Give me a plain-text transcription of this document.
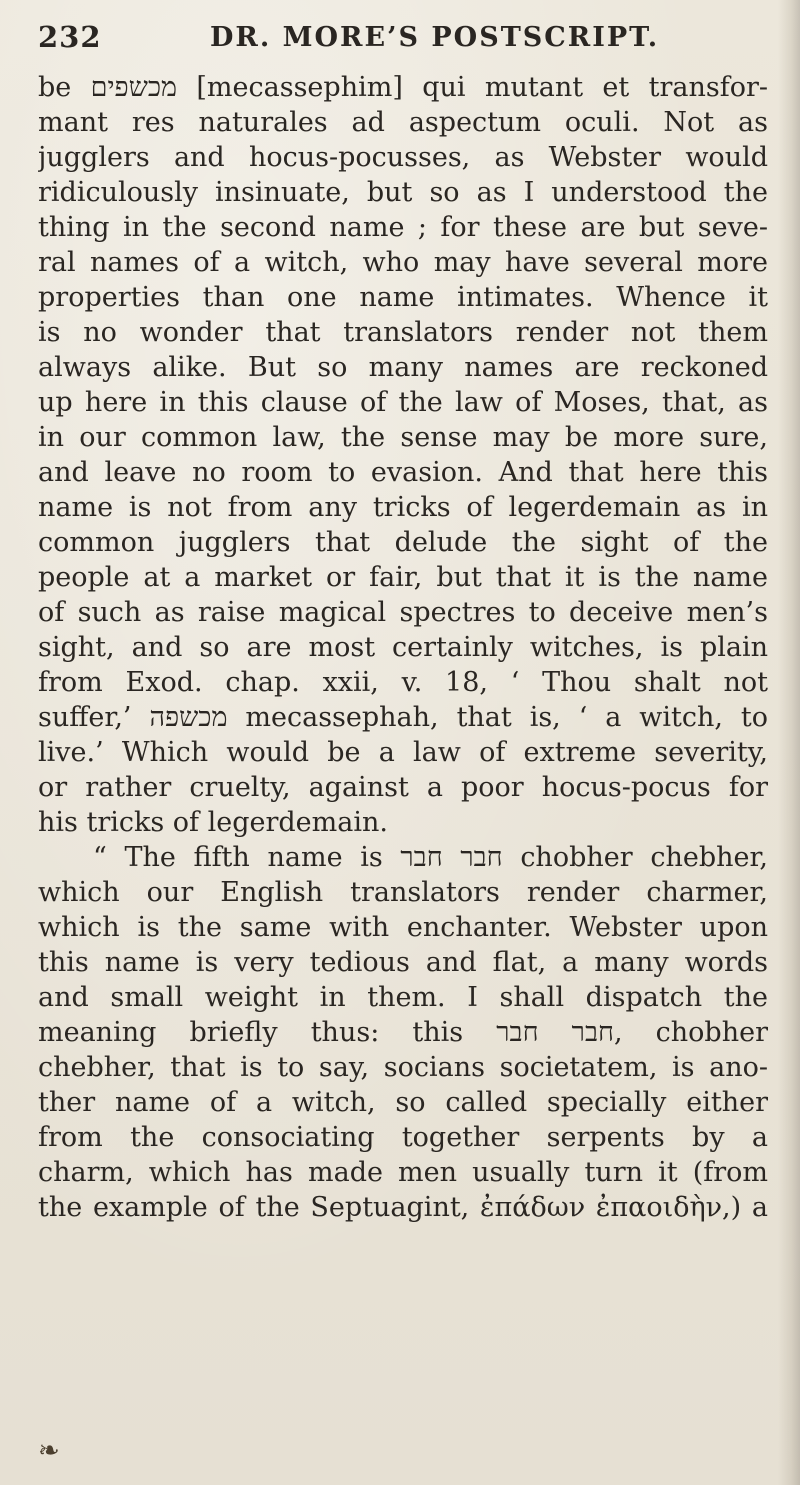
232	DR. MORE’S POSTSCRIPT.
be מכשפים [mecassephim] qui mutant et transfor-
mant res naturales ad aspectum oculi. Not as
jugglers and hocus-pocusses, as Webster would
ridiculously insinuate, but so as I understood the
thing in the second name ; for these are but seve-
ral names of a witch, who may have several more
properties than one name intimates. Whence it
is no wonder that translators render not them
always alike. But so many names are reckoned
up here in this clause of the law of Moses, that, as
in our common law, the sense may be more sure,
and leave no room to evasion. And that here this
name is not from any tricks of legerdemain as in
common jugglers that delude the sight of the
people at a market or fair, but that it is the name
of such as raise magical spectres to deceive men’s
sight, and so are most certainly witches, is plain
from Exod. chap. xxii, v. 18, ‘ Thou shalt not
suffer,’ מכשפה mecassephah, that is, ‘ a witch, to
live.’ Which would be a law of extreme severity,
or rather cruelty, against a poor hocus-pocus for
his tricks of legerdemain.
“ The fifth name is חבר חבר chobher chebher,
which our English translators render charmer,
which is the same with enchanter. Webster upon
this name is very tedious and flat, a many words
and small weight in them. I shall dispatch the
meaning briefly thus: this חבר חבר, chobher
chebher, that is to say, socians societatem, is ano-
ther name of a witch, so called specially either
from the consociating together serpents by a
charm, which has made men usually turn it (from
the example of the Septuagint, ἐπάδων ἐπαοιδὴν,) a
❧
